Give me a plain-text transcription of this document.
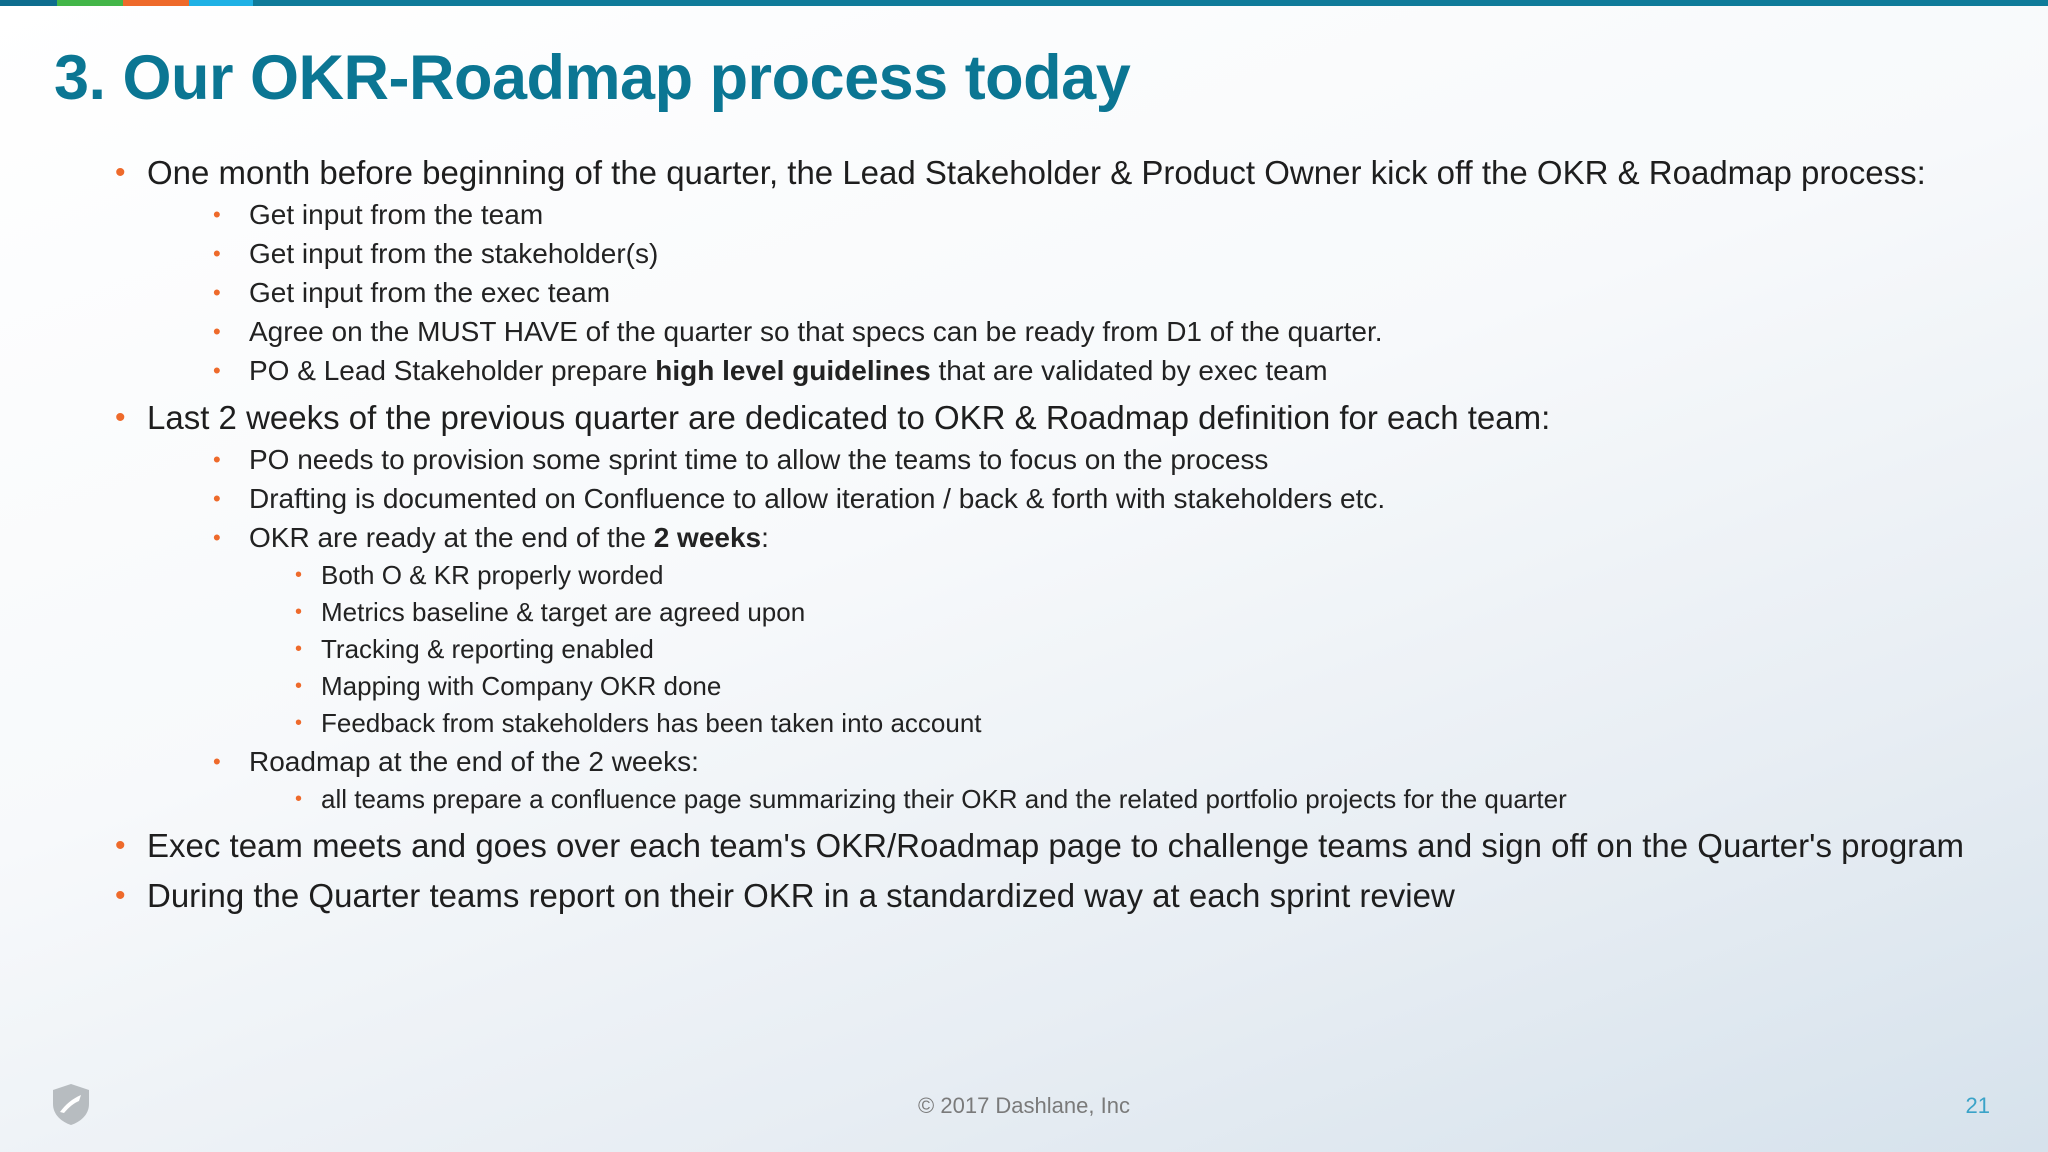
3. Our OKR-Roadmap process today
• One month before beginning of the quarter, the Lead Stakeholder & Product Owner kick off the OKR & Roadmap process:
• Get input from the team
• Get input from the stakeholder(s)
• Get input from the exec team
• Agree on the MUST HAVE of the quarter so that specs can be ready from D1 of the quarter.
• PO & Lead Stakeholder prepare high level guidelines that are validated by exec team
• Last 2 weeks of the previous quarter are dedicated to OKR & Roadmap definition for each team:
• PO needs to provision some sprint time to allow the teams to focus on the process
• Drafting is documented on Confluence to allow iteration / back & forth with stakeholders etc.
• OKR are ready at the end of the 2 weeks:
• Both O & KR properly worded
• Metrics baseline & target are agreed upon
• Tracking & reporting enabled
• Mapping with Company OKR done
• Feedback from stakeholders has been taken into account
• Roadmap at the end of the 2 weeks:
• all teams prepare a confluence page summarizing their OKR and the related portfolio projects for the quarter
• Exec team meets and goes over each team's OKR/Roadmap page to challenge teams and sign off on the Quarter's program
• During the Quarter teams report on their OKR in a standardized way at each sprint review
© 2017 Dashlane, Inc	21
